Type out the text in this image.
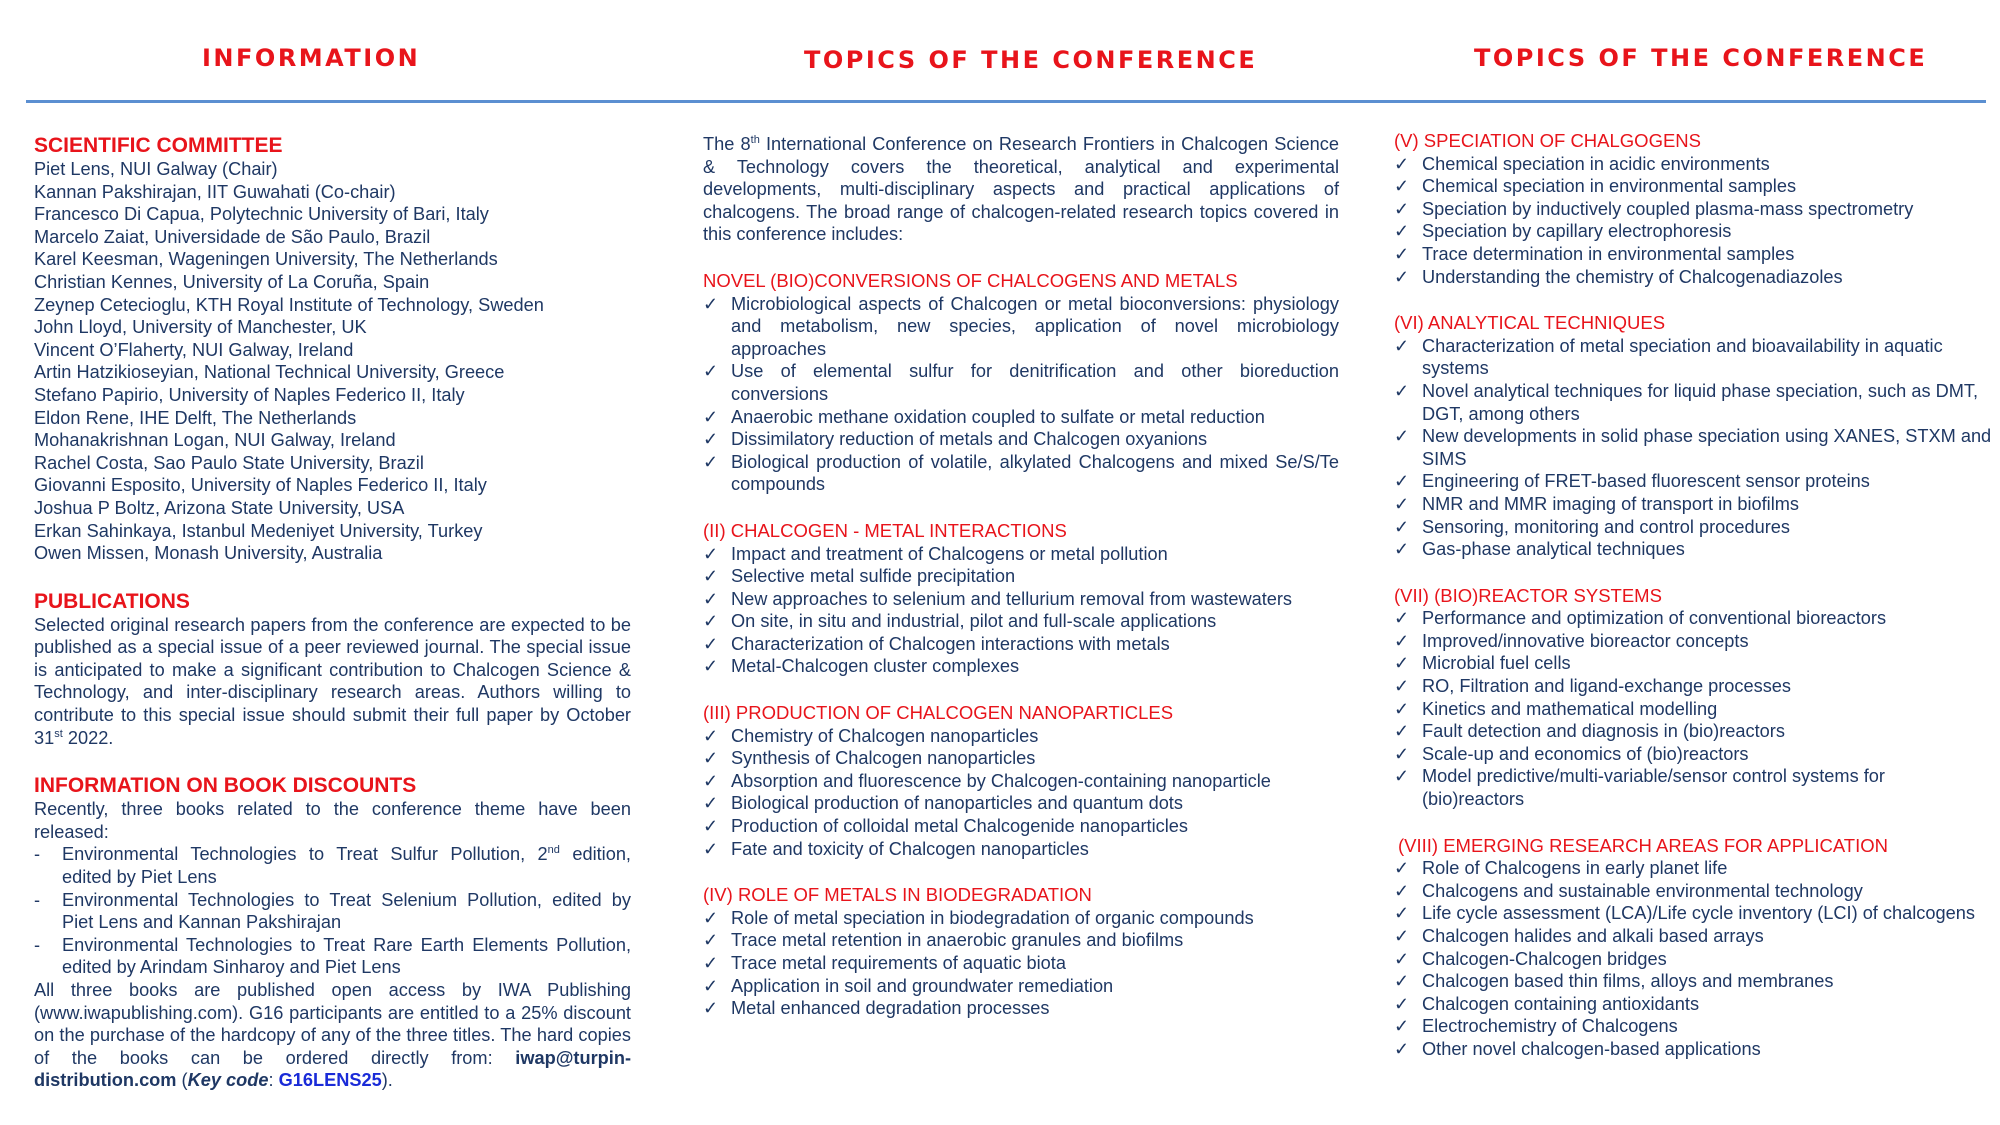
INFORMATION	TOPICS OF THE CONFERENCE	TOPICS OF THE CONFERENCE
SCIENTIFIC COMMITTEE
Piet Lens, NUI Galway (Chair)
Kannan Pakshirajan, IIT Guwahati (Co-chair)
Francesco Di Capua, Polytechnic University of Bari, Italy
Marcelo Zaiat, Universidade de São Paulo, Brazil
Karel Keesman, Wageningen University, The Netherlands
Christian Kennes, University of La Coruña, Spain
Zeynep Cetecioglu, KTH Royal Institute of Technology, Sweden
John Lloyd, University of Manchester, UK
Vincent O’Flaherty, NUI Galway, Ireland
Artin Hatzikioseyian, National Technical University, Greece
Stefano Papirio, University of Naples Federico II, Italy
Eldon Rene, IHE Delft, The Netherlands
Mohanakrishnan Logan, NUI Galway, Ireland
Rachel Costa, Sao Paulo State University, Brazil
Giovanni Esposito, University of Naples Federico II, Italy
Joshua P Boltz, Arizona State University, USA
Erkan Sahinkaya, Istanbul Medeniyet University, Turkey
Owen Missen, Monash University, Australia
PUBLICATIONS
Selected original research papers from the conference are expected to be published as a special issue of a peer reviewed journal. The special issue is anticipated to make a significant contribution to Chalcogen Science & Technology, and inter-disciplinary research areas. Authors willing to contribute to this special issue should submit their full paper by October 31st 2022.
INFORMATION ON BOOK DISCOUNTS
Recently, three books related to the conference theme have been released:
- Environmental Technologies to Treat Sulfur Pollution, 2nd edition, edited by Piet Lens
- Environmental Technologies to Treat Selenium Pollution, edited by Piet Lens and Kannan Pakshirajan
- Environmental Technologies to Treat Rare Earth Elements Pollution, edited by Arindam Sinharoy and Piet Lens
All three books are published open access by IWA Publishing (www.iwapublishing.com). G16 participants are entitled to a 25% discount on the purchase of the hardcopy of any of the three titles. The hard copies of the books can be ordered directly from: iwap@turpin-distribution.com (Key code: G16LENS25).
The 8th International Conference on Research Frontiers in Chalcogen Science & Technology covers the theoretical, analytical and experimental developments, multi-disciplinary aspects and practical applications of chalcogens. The broad range of chalcogen-related research topics covered in this conference includes:
NOVEL (BIO)CONVERSIONS OF CHALCOGENS AND METALS
✓ Microbiological aspects of Chalcogen or metal bioconversions: physiology and metabolism, new species, application of novel microbiology approaches
✓ Use of elemental sulfur for denitrification and other bioreduction conversions
✓ Anaerobic methane oxidation coupled to sulfate or metal reduction
✓ Dissimilatory reduction of metals and Chalcogen oxyanions
✓ Biological production of volatile, alkylated Chalcogens and mixed Se/S/Te compounds
(II) CHALCOGEN - METAL INTERACTIONS
✓ Impact and treatment of Chalcogens or metal pollution
✓ Selective metal sulfide precipitation
✓ New approaches to selenium and tellurium removal from wastewaters
✓ On site, in situ and industrial, pilot and full-scale applications
✓ Characterization of Chalcogen interactions with metals
✓ Metal-Chalcogen cluster complexes
(III) PRODUCTION OF CHALCOGEN NANOPARTICLES
✓ Chemistry of Chalcogen nanoparticles
✓ Synthesis of Chalcogen nanoparticles
✓ Absorption and fluorescence by Chalcogen-containing nanoparticle
✓ Biological production of nanoparticles and quantum dots
✓ Production of colloidal metal Chalcogenide nanoparticles
✓ Fate and toxicity of Chalcogen nanoparticles
(IV) ROLE OF METALS IN BIODEGRADATION
✓ Role of metal speciation in biodegradation of organic compounds
✓ Trace metal retention in anaerobic granules and biofilms
✓ Trace metal requirements of aquatic biota
✓ Application in soil and groundwater remediation
✓ Metal enhanced degradation processes
(V) SPECIATION OF CHALGOGENS
✓ Chemical speciation in acidic environments
✓ Chemical speciation in environmental samples
✓ Speciation by inductively coupled plasma-mass spectrometry
✓ Speciation by capillary electrophoresis
✓ Trace determination in environmental samples
✓ Understanding the chemistry of Chalcogenadiazoles
(VI) ANALYTICAL TECHNIQUES
✓ Characterization of metal speciation and bioavailability in aquatic systems
✓ Novel analytical techniques for liquid phase speciation, such as DMT, DGT, among others
✓ New developments in solid phase speciation using XANES, STXM and SIMS
✓ Engineering of FRET-based fluorescent sensor proteins
✓ NMR and MMR imaging of transport in biofilms
✓ Sensoring, monitoring and control procedures
✓ Gas-phase analytical techniques
(VII) (BIO)REACTOR SYSTEMS
✓ Performance and optimization of conventional bioreactors
✓ Improved/innovative bioreactor concepts
✓ Microbial fuel cells
✓ RO, Filtration and ligand-exchange processes
✓ Kinetics and mathematical modelling
✓ Fault detection and diagnosis in (bio)reactors
✓ Scale-up and economics of (bio)reactors
✓ Model predictive/multi-variable/sensor control systems for (bio)reactors
(VIII) EMERGING RESEARCH AREAS FOR APPLICATION
✓ Role of Chalcogens in early planet life
✓ Chalcogens and sustainable environmental technology
✓ Life cycle assessment (LCA)/Life cycle inventory (LCI) of chalcogens
✓ Chalcogen halides and alkali based arrays
✓ Chalcogen-Chalcogen bridges
✓ Chalcogen based thin films, alloys and membranes
✓ Chalcogen containing antioxidants
✓ Electrochemistry of Chalcogens
✓ Other novel chalcogen-based applications
